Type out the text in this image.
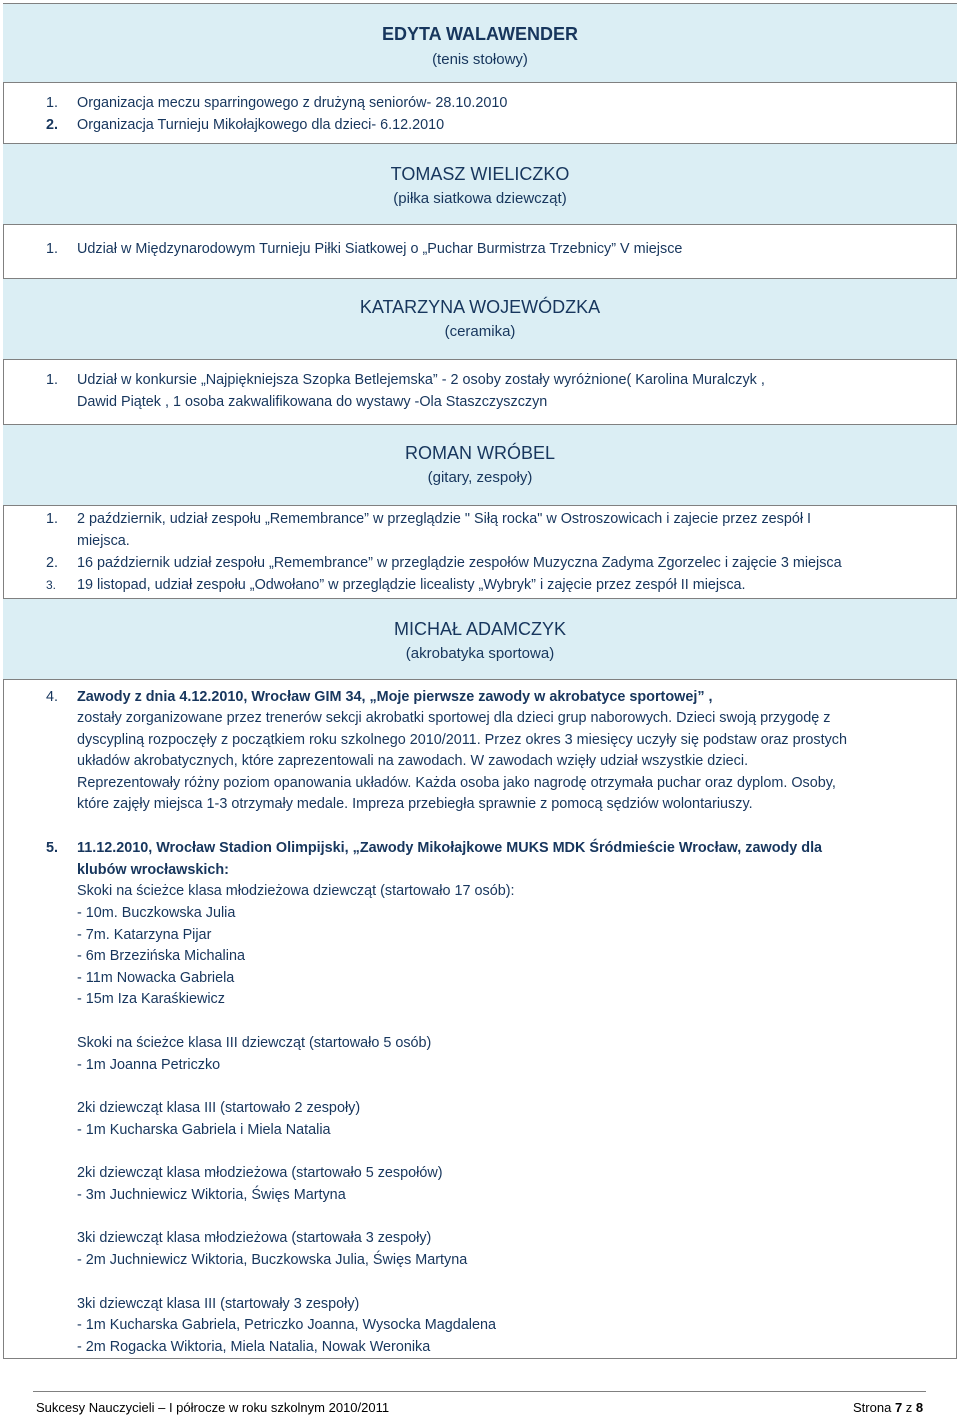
EDYTA WALAWENDER
(tenis stołowy)
1. Organizacja meczu sparringowego z drużyną seniorów- 28.10.2010
2. Organizacja Turnieju Mikołajkowego dla dzieci- 6.12.2010
TOMASZ WIELICZKO
(piłka siatkowa dziewcząt)
1. Udział w Międzynarodowym Turnieju Piłki Siatkowej o „Puchar Burmistrza Trzebnicy” V miejsce
KATARZYNA WOJEWÓDZKA
(ceramika)
1. Udział w konkursie „Najpiękniejsza Szopka Betlejemska” - 2 osoby zostały wyróżnione( Karolina Muralczyk ,
Dawid Piątek , 1 osoba zakwalifikowana do wystawy -Ola Staszczyszczyn
ROMAN WRÓBEL
(gitary, zespoły)
1. 2 październik, udział zespołu „Remembrance” w przeglądzie " Siłą rocka" w Ostroszowicach i zajecie przez zespół I
miejsca.
2. 16 październik udział zespołu „Remembrance” w przeglądzie zespołów Muzyczna Zadyma Zgorzelec i zajęcie 3 miejsca
3. 19 listopad, udział zespołu „Odwołano” w przeglądzie licealisty „Wybryk” i zajęcie przez zespół II miejsca.
MICHAŁ ADAMCZYK
(akrobatyka sportowa)
4. Zawody z dnia 4.12.2010, Wrocław GIM 34, „Moje pierwsze zawody w akrobatyce sportowej” ,
zostały zorganizowane przez trenerów sekcji akrobatki sportowej dla dzieci grup naborowych. Dzieci swoją przygodę z
dyscypliną rozpoczęły z początkiem roku szkolnego 2010/2011. Przez okres 3 miesięcy uczyły się podstaw oraz prostych
układów akrobatycznych, które zaprezentowali na zawodach. W zawodach wzięły udział wszystkie dzieci.
Reprezentowały różny poziom opanowania układów. Każda osoba jako nagrodę otrzymała puchar oraz dyplom. Osoby,
które zajęły miejsca 1-3 otrzymały medale. Impreza przebiegła sprawnie z pomocą sędziów wolontariuszy.
5. 11.12.2010, Wrocław Stadion Olimpijski, „Zawody Mikołajkowe MUKS MDK Śródmieście Wrocław, zawody dla
klubów wrocławskich:
Skoki na ścieżce klasa młodzieżowa dziewcząt (startowało 17 osób):
- 10m. Buczkowska Julia
- 7m. Katarzyna Pijar
- 6m Brzezińska Michalina
- 11m Nowacka Gabriela
- 15m Iza Karaśkiewicz
Skoki na ścieżce klasa III dziewcząt (startowało 5 osób)
- 1m Joanna Petriczko
2ki dziewcząt klasa III (startowało 2 zespoły)
- 1m Kucharska Gabriela i Miela Natalia
2ki dziewcząt klasa młodzieżowa (startowało 5 zespołów)
- 3m Juchniewicz Wiktoria, Święs Martyna
3ki dziewcząt klasa młodzieżowa (startowała 3 zespoły)
- 2m Juchniewicz Wiktoria, Buczkowska Julia, Święs Martyna
3ki dziewcząt klasa III (startowały 3 zespoły)
- 1m Kucharska Gabriela, Petriczko Joanna, Wysocka Magdalena
- 2m Rogacka Wiktoria, Miela Natalia, Nowak Weronika
Sukcesy Nauczycieli – I półrocze w roku szkolnym 2010/2011	Strona 7 z 8
